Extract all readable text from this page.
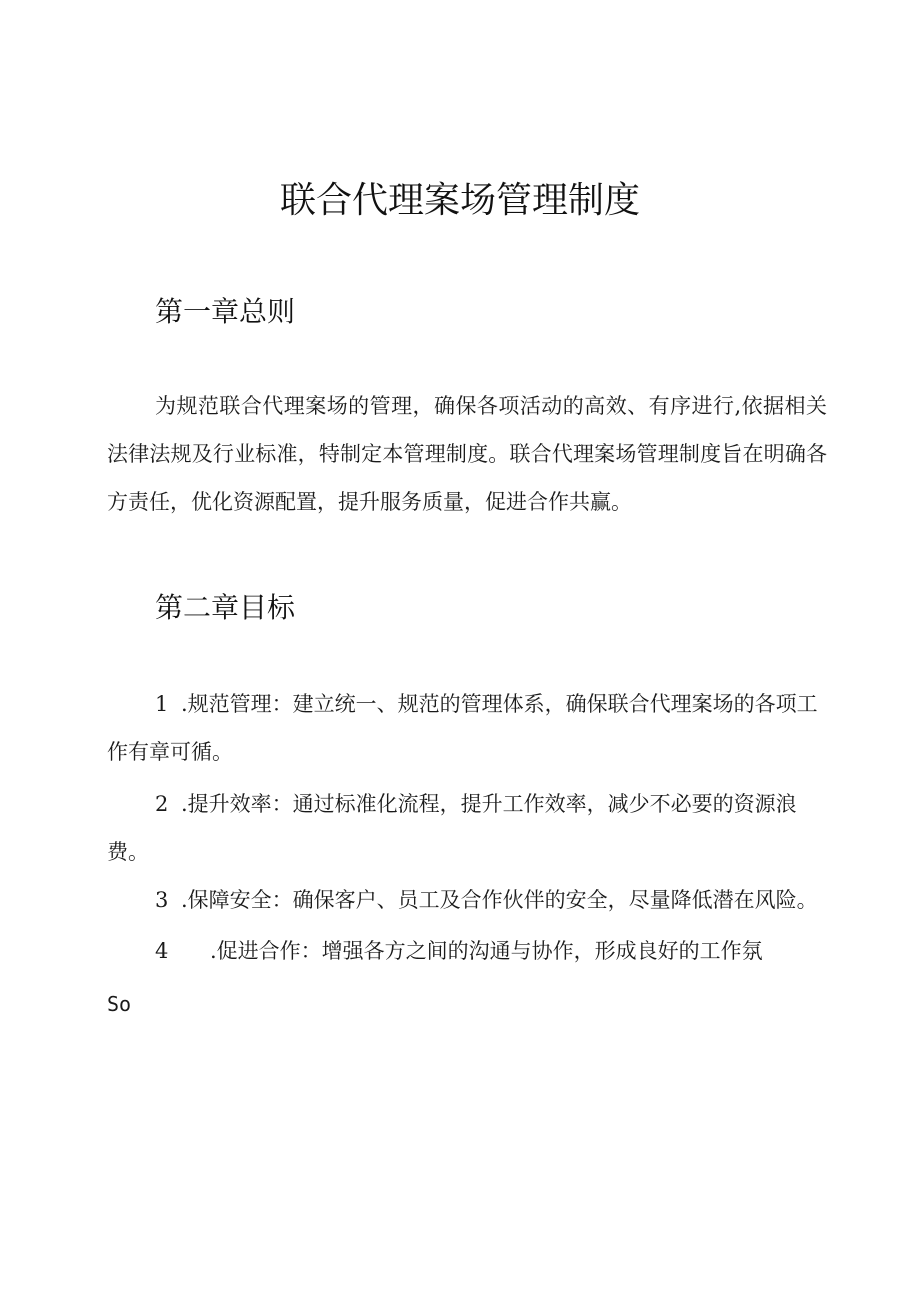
联合代理案场管理制度
第一章总则
为规范联合代理案场的管理，确保各项活动的高效、有序进行,依据相关法律法规及行业标准，特制定本管理制度。联合代理案场管理制度旨在明确各方责任，优化资源配置，提升服务质量，促进合作共赢。
第二章目标
1 .规范管理：建立统一、规范的管理体系，确保联合代理案场的各项工作有章可循。
2 .提升效率：通过标准化流程，提升工作效率，减少不必要的资源浪费。
3 .保障安全：确保客户、员工及合作伙伴的安全，尽量降低潜在风险。
4 .促进合作：增强各方之间的沟通与协作，形成良好的工作氛
So
